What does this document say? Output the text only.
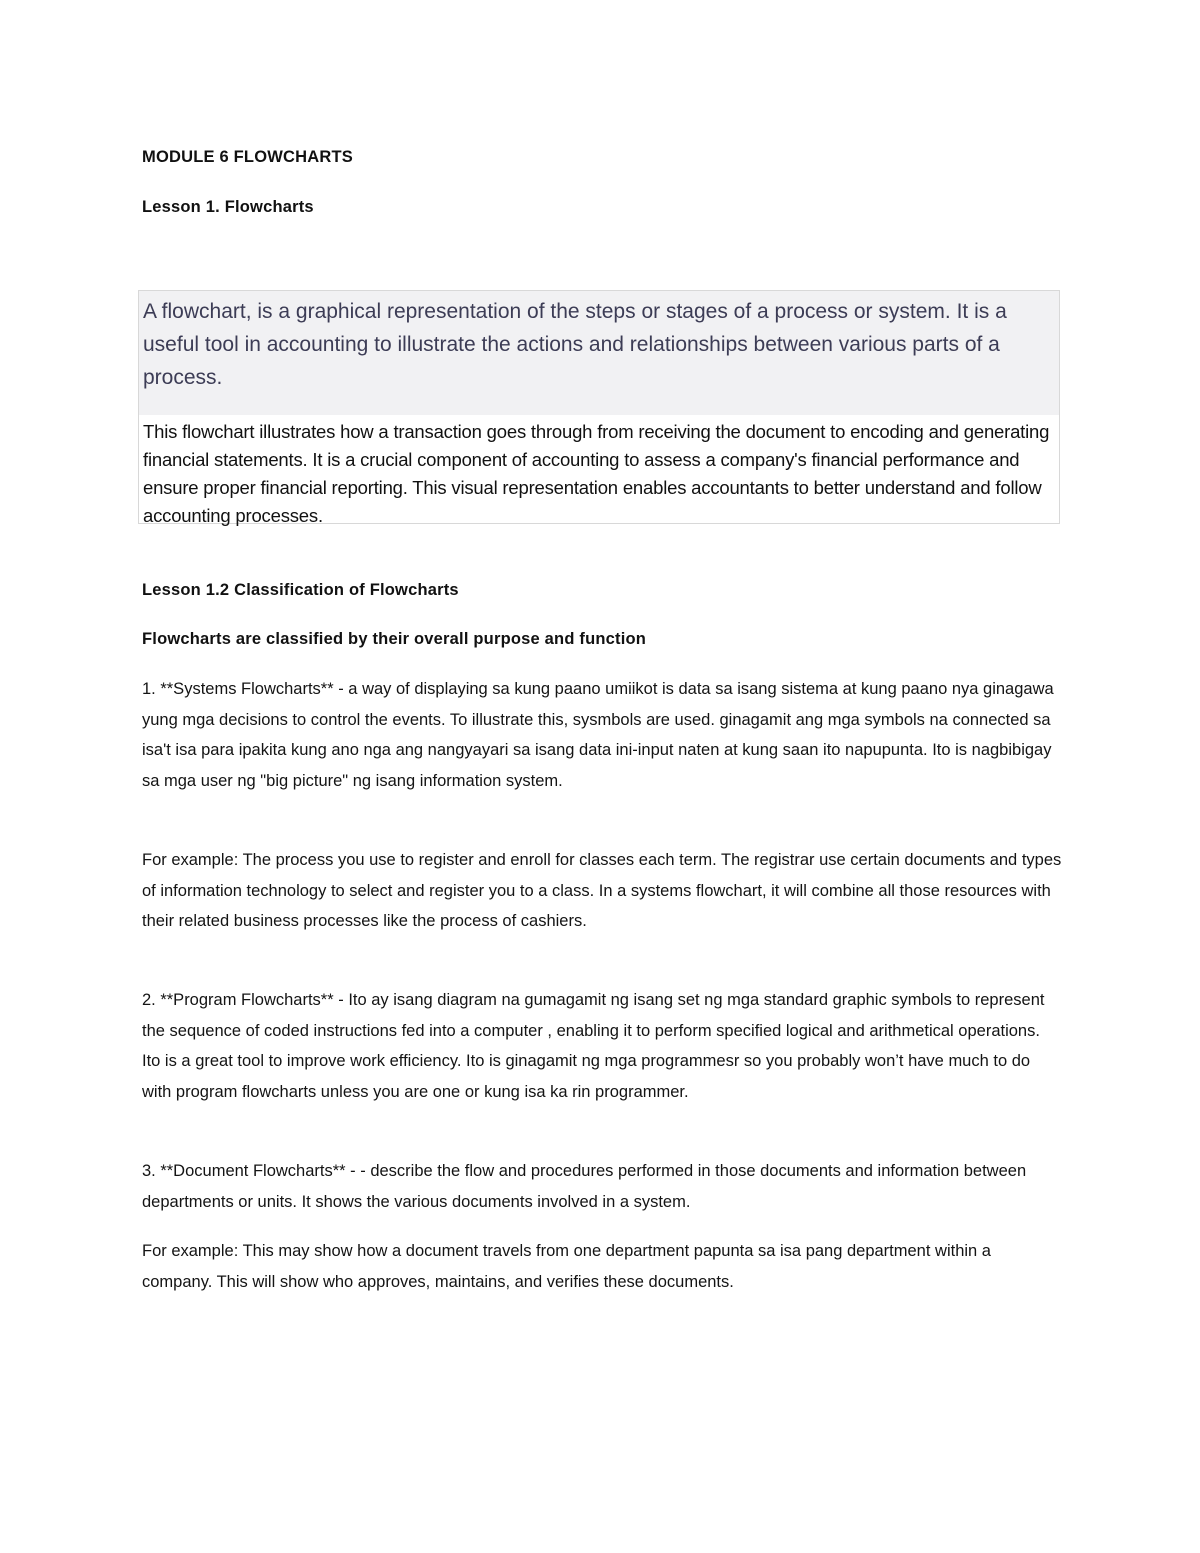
MODULE 6 FLOWCHARTS
Lesson 1. Flowcharts

A flowchart, is a graphical representation of the steps or stages of a process or system. It is a useful tool in accounting to illustrate the actions and relationships between various parts of a process.

This flowchart illustrates how a transaction goes through from receiving the document to encoding and generating financial statements. It is a crucial component of accounting to assess a company's financial performance and ensure proper financial reporting. This visual representation enables accountants to better understand and follow accounting processes.

Lesson 1.2 Classification of Flowcharts
Flowcharts are classified by their overall purpose and function

1. **Systems Flowcharts** - a way of displaying sa kung paano umiikot is data sa isang sistema at kung paano nya ginagawa yung mga decisions to control the events. To illustrate this, sysmbols are used. ginagamit ang mga symbols na connected sa isa't isa para ipakita kung ano nga ang nangyayari sa isang data ini-input naten at kung saan ito napupunta. Ito is nagbibigay sa mga user ng "big picture" ng isang information system.

For example: The process you use to register and enroll for classes each term. The registrar use certain documents and types of information technology to select and register you to a class. In a systems flowchart, it will combine all those resources with their related business processes like the process of cashiers.

2. **Program Flowcharts** - Ito ay isang diagram na gumagamit ng isang set ng mga standard graphic symbols to represent the sequence of coded instructions fed into a computer , enabling it to perform specified logical and arithmetical operations. Ito is a great tool to improve work efficiency. Ito is ginagamit ng mga programmesr so you probably won’t have much to do with program flowcharts unless you are one or kung isa ka rin programmer.

3. **Document Flowcharts** - - describe the flow and procedures performed in those documents and information between departments or units. It shows the various documents involved in a system.

For example: This may show how a document travels from one department papunta sa isa pang department within a company. This will show who approves, maintains, and verifies these documents.
